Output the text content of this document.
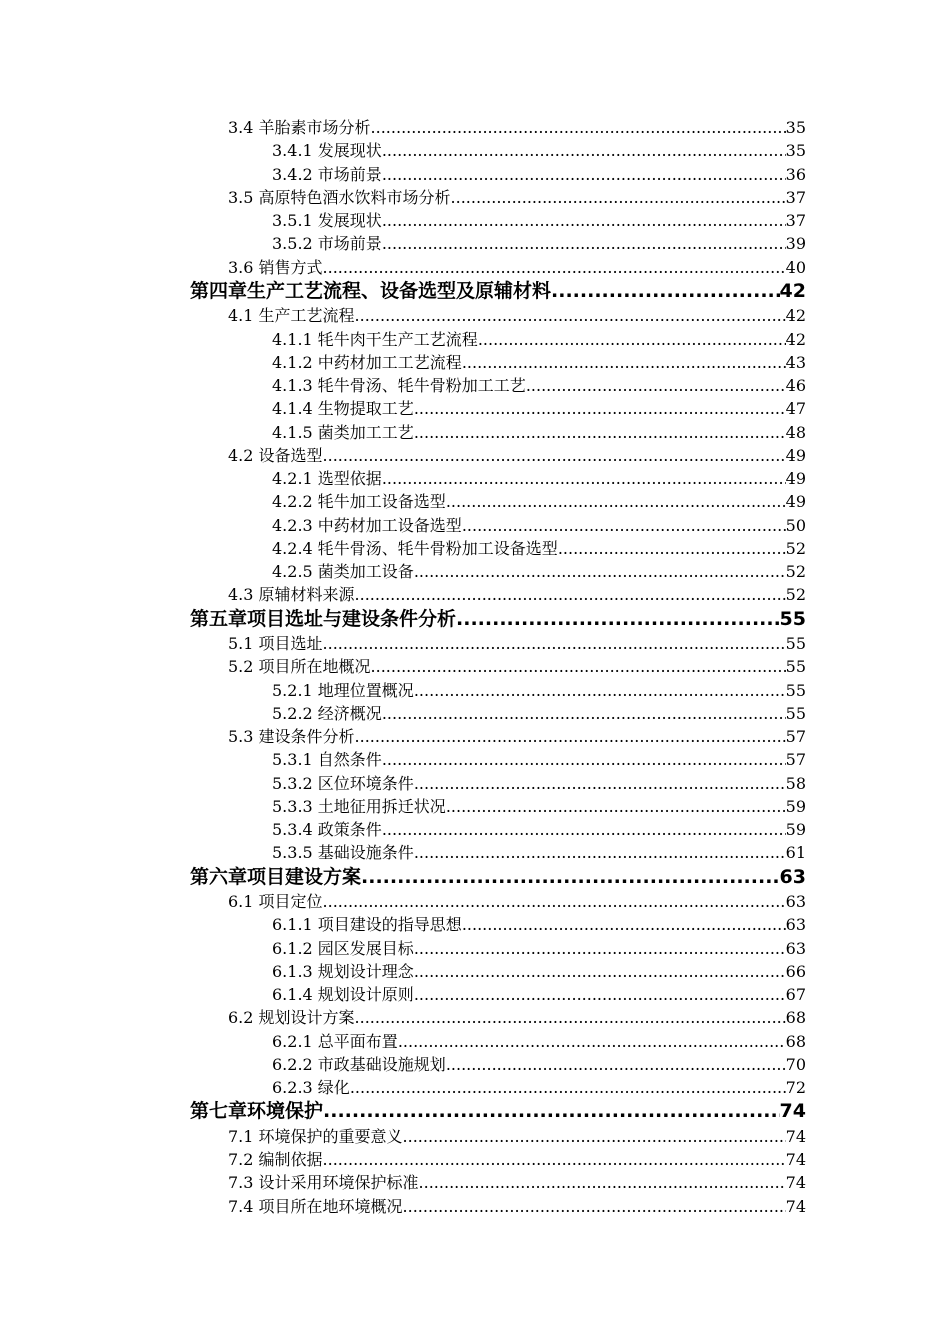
3.4 羊胎素市场分析 .....	35
3.4.1 发展现状 .....	35
3.4.2 市场前景 .....	36
3.5 高原特色酒水饮料市场分析 .....	37
3.5.1 发展现状 .....	37
3.5.2 市场前景 .....	39
3.6 销售方式 .....	40
第四章生产工艺流程、设备选型及原辅材料 .....	42
4.1 生产工艺流程 .....	42
4.1.1 牦牛肉干生产工艺流程 .....	42
4.1.2 中药材加工工艺流程 .....	43
4.1.3 牦牛骨汤、牦牛骨粉加工工艺 .....	46
4.1.4 生物提取工艺 .....	47
4.1.5 菌类加工工艺 .....	48
4.2 设备选型 .....	49
4.2.1 选型依据 .....	49
4.2.2 牦牛加工设备选型 .....	49
4.2.3 中药材加工设备选型 .....	50
4.2.4 牦牛骨汤、牦牛骨粉加工设备选型 .....	52
4.2.5 菌类加工设备 .....	52
4.3 原辅材料来源 .....	52
第五章项目选址与建设条件分析 .....	55
5.1 项目选址 .....	55
5.2 项目所在地概况 .....	55
5.2.1 地理位置概况 .....	55
5.2.2 经济概况 .....	55
5.3 建设条件分析 .....	57
5.3.1 自然条件 .....	57
5.3.2 区位环境条件 .....	58
5.3.3 土地征用拆迁状况 .....	59
5.3.4 政策条件 .....	59
5.3.5 基础设施条件 .....	61
第六章项目建设方案 .....	63
6.1 项目定位 .....	63
6.1.1 项目建设的指导思想 .....	63
6.1.2 园区发展目标 .....	63
6.1.3 规划设计理念 .....	66
6.1.4 规划设计原则 .....	67
6.2 规划设计方案 .....	68
6.2.1 总平面布置 .....	68
6.2.2 市政基础设施规划 .....	70
6.2.3 绿化 .....	72
第七章环境保护 .....	74
7.1 环境保护的重要意义 .....	74
7.2 编制依据 .....	74
7.3 设计采用环境保护标准 .....	74
7.4 项目所在地环境概况 .....	74
